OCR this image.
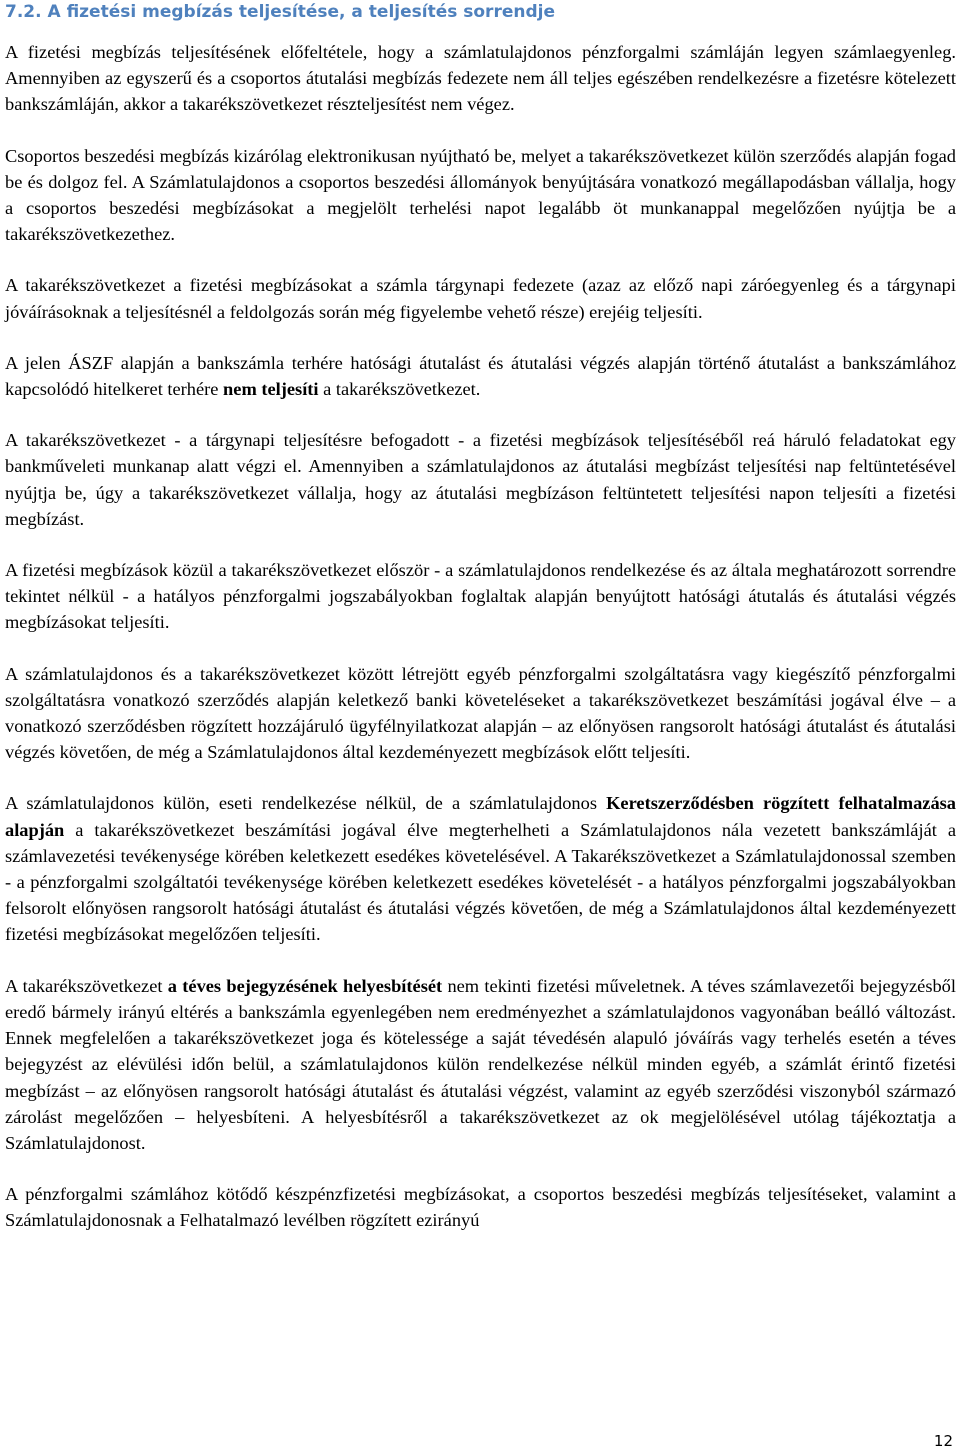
7.2. A fizetési megbízás teljesítése, a teljesítés sorrendje

A fizetési megbízás teljesítésének előfeltétele, hogy a számlatulajdonos pénzforgalmi számláján legyen számlaegyenleg. Amennyiben az egyszerű és a csoportos átutalási megbízás fedezete nem áll teljes egészében rendelkezésre a fizetésre kötelezett bankszámláján, akkor a takarékszövetkezet részteljesítést nem végez.

Csoportos beszedési megbízás kizárólag elektronikusan nyújtható be, melyet a takarékszövetkezet külön szerződés alapján fogad be és dolgoz fel. A Számlatulajdonos a csoportos beszedési állományok benyújtására vonatkozó megállapodásban vállalja, hogy a csoportos beszedési megbízásokat a megjelölt terhelési napot legalább öt munkanappal megelőzően nyújtja be a takarékszövetkezethez.

A takarékszövetkezet a fizetési megbízásokat a számla tárgynapi fedezete (azaz az előző napi záróegyenleg és a tárgynapi jóváírásoknak a teljesítésnél a feldolgozás során még figyelembe vehető része) erejéig teljesíti.

A jelen ÁSZF alapján a bankszámla terhére hatósági átutalást és átutalási végzés alapján történő átutalást a bankszámlához kapcsolódó hitelkeret terhére nem teljesíti a takarékszövetkezet.

A takarékszövetkezet - a tárgynapi teljesítésre befogadott - a fizetési megbízások teljesítéséből reá háruló feladatokat egy bankműveleti munkanap alatt végzi el. Amennyiben a számlatulajdonos az átutalási megbízást teljesítési nap feltüntetésével nyújtja be, úgy a takarékszövetkezet vállalja, hogy az átutalási megbízáson feltüntetett teljesítési napon teljesíti a fizetési megbízást.

A fizetési megbízások közül a takarékszövetkezet először - a számlatulajdonos rendelkezése és az általa meghatározott sorrendre tekintet nélkül - a hatályos pénzforgalmi jogszabályokban foglaltak alapján benyújtott hatósági átutalás és átutalási végzés megbízásokat teljesíti.

A számlatulajdonos és a takarékszövetkezet között létrejött egyéb pénzforgalmi szolgáltatásra vagy kiegészítő pénzforgalmi szolgáltatásra vonatkozó szerződés alapján keletkező banki követeléseket a takarékszövetkezet beszámítási jogával élve – a vonatkozó szerződésben rögzített hozzájáruló ügyfélnyilatkozat alapján – az előnyösen rangsorolt hatósági átutalást és átutalási végzés követően, de még a Számlatulajdonos által kezdeményezett megbízások előtt teljesíti.

A számlatulajdonos külön, eseti rendelkezése nélkül, de a számlatulajdonos Keretszerződésben rögzített felhatalmazása alapján a takarékszövetkezet beszámítási jogával élve megterhelheti a Számlatulajdonos nála vezetett bankszámláját a számlavezetési tevékenysége körében keletkezett esedékes követelésével. A Takarékszövetkezet a Számlatulajdonossal szemben - a pénzforgalmi szolgáltatói tevékenysége körében keletkezett esedékes követelését - a hatályos pénzforgalmi jogszabályokban felsorolt előnyösen rangsorolt hatósági átutalást és átutalási végzés követően, de még a Számlatulajdonos által kezdeményezett fizetési megbízásokat megelőzően teljesíti.

A takarékszövetkezet a téves bejegyzésének helyesbítését nem tekinti fizetési műveletnek. A téves számlavezetői bejegyzésből eredő bármely irányú eltérés a bankszámla egyenlegében nem eredményezhet a számlatulajdonos vagyonában beálló változást. Ennek megfelelően a takarékszövetkezet joga és kötelessége a saját tévedésén alapuló jóváírás vagy terhelés esetén a téves bejegyzést az elévülési időn belül, a számlatulajdonos külön rendelkezése nélkül minden egyéb, a számlát érintő fizetési megbízást – az előnyösen rangsorolt hatósági átutalást és átutalási végzést, valamint az egyéb szerződési viszonyból származó zárolást megelőzően – helyesbíteni. A helyesbítésről a takarékszövetkezet az ok megjelölésével utólag tájékoztatja a Számlatulajdonost.

A pénzforgalmi számlához kötődő készpénzfizetési megbízásokat, a csoportos beszedési megbízás teljesítéseket, valamint a Számlatulajdonosnak a Felhatalmazó levélben rögzített ezirányú

12
